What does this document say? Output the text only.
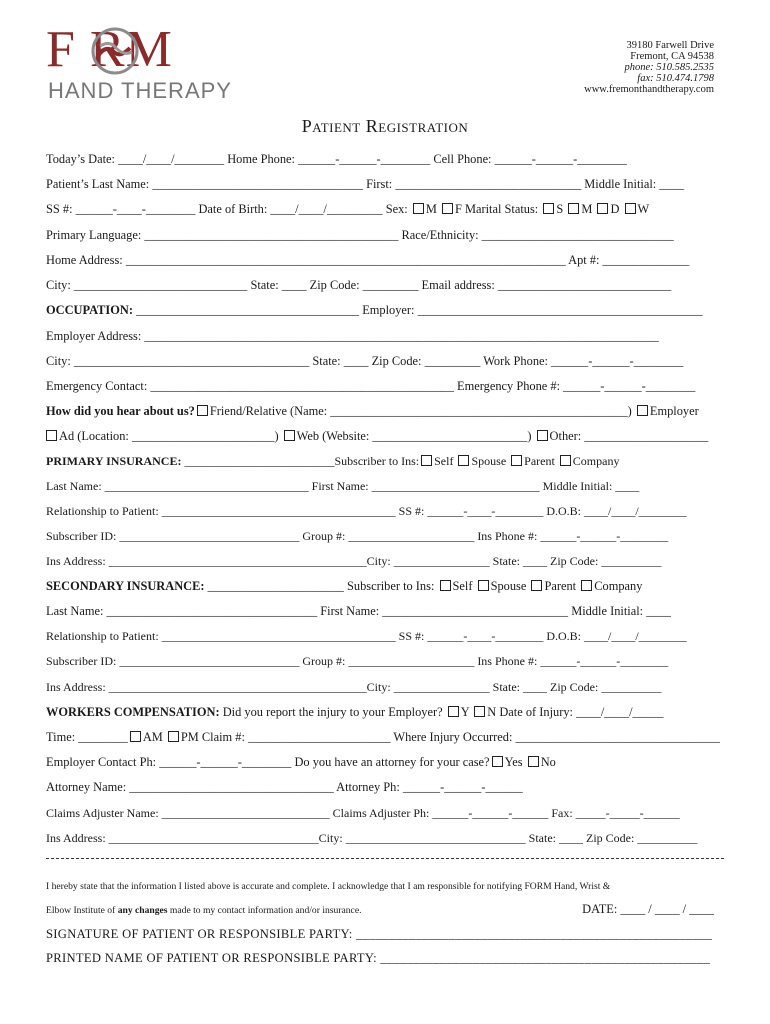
F RM
HAND THERAPY
39180 Farwell Drive
Fremont, CA 94538
phone: 510.585.2535
fax: 510.474.1798
www.fremonthandtherapy.com
Patient Registration
Today’s Date: ____/____/________ Home Phone: ______-______-________ Cell Phone: ______-______-________
Patient’s Last Name: __________________________________ First: ______________________________ Middle Initial: ____
SS #: ______-____-________ Date of Birth: ____/____/_________ Sex: M F Marital Status: S M D W
Primary Language: _________________________________________ Race/Ethnicity: _______________________________
Home Address: _______________________________________________________________________ Apt #: ______________
City: ____________________________ State: ____ Zip Code: _________ Email address: ____________________________
OCCUPATION: ____________________________________ Employer: ______________________________________________
Employer Address: ___________________________________________________________________________________
City: ______________________________________ State: ____ Zip Code: _________ Work Phone: ______-______-________
Emergency Contact: _________________________________________________ Emergency Phone #: ______-______-________
How did you hear about us? Friend/Relative (Name: ________________________________________________) Employer
Ad (Location: _______________________) Web (Website: _________________________) Other: ____________________
PRIMARY INSURANCE: _________________________Subscriber to Ins: Self Spouse Parent Company
Last Name: __________________________________ First Name: ____________________________ Middle Initial: ____
Relationship to Patient: _______________________________________ SS #: ______-____-________ D.O.B: ____/____/________
Subscriber ID: ______________________________ Group #: _____________________ Ins Phone #: ______-______-________
Ins Address: ___________________________________________City: ________________ State: ____ Zip Code: __________
SECONDARY INSURANCE: ______________________ Subscriber to Ins: Self Spouse Parent Company
Last Name: __________________________________ First Name: ______________________________ Middle Initial: ____
Relationship to Patient: _______________________________________ SS #: ______-____-________ D.O.B: ____/____/________
Subscriber ID: ______________________________ Group #: _____________________ Ins Phone #: ______-______-________
Ins Address: ___________________________________________City: ________________ State: ____ Zip Code: __________
WORKERS COMPENSATION: Did you report the injury to your Employer? Y N Date of Injury: ____/____/_____
Time: ________ AM PM Claim #: _______________________ Where Injury Occurred: _________________________________
Employer Contact Ph: ______-______-________ Do you have an attorney for your case? Yes No
Attorney Name: _________________________________ Attorney Ph: ______-______-______
Claims Adjuster Name: ____________________________ Claims Adjuster Ph: ______-______-______ Fax: _____-_____-______
Ins Address: ___________________________________City: ______________________________ State: ____ Zip Code: __________
I hereby state that the information I listed above is accurate and complete. I acknowledge that I am responsible for notifying FORM Hand, Wrist &
Elbow Institute of any changes made to my contact information and/or insurance.	DATE: ____ / ____ / ____
SIGNATURE OF PATIENT OR RESPONSIBLE PARTY: ______________________________________________________
PRINTED NAME OF PATIENT OR RESPONSIBLE PARTY: __________________________________________________
